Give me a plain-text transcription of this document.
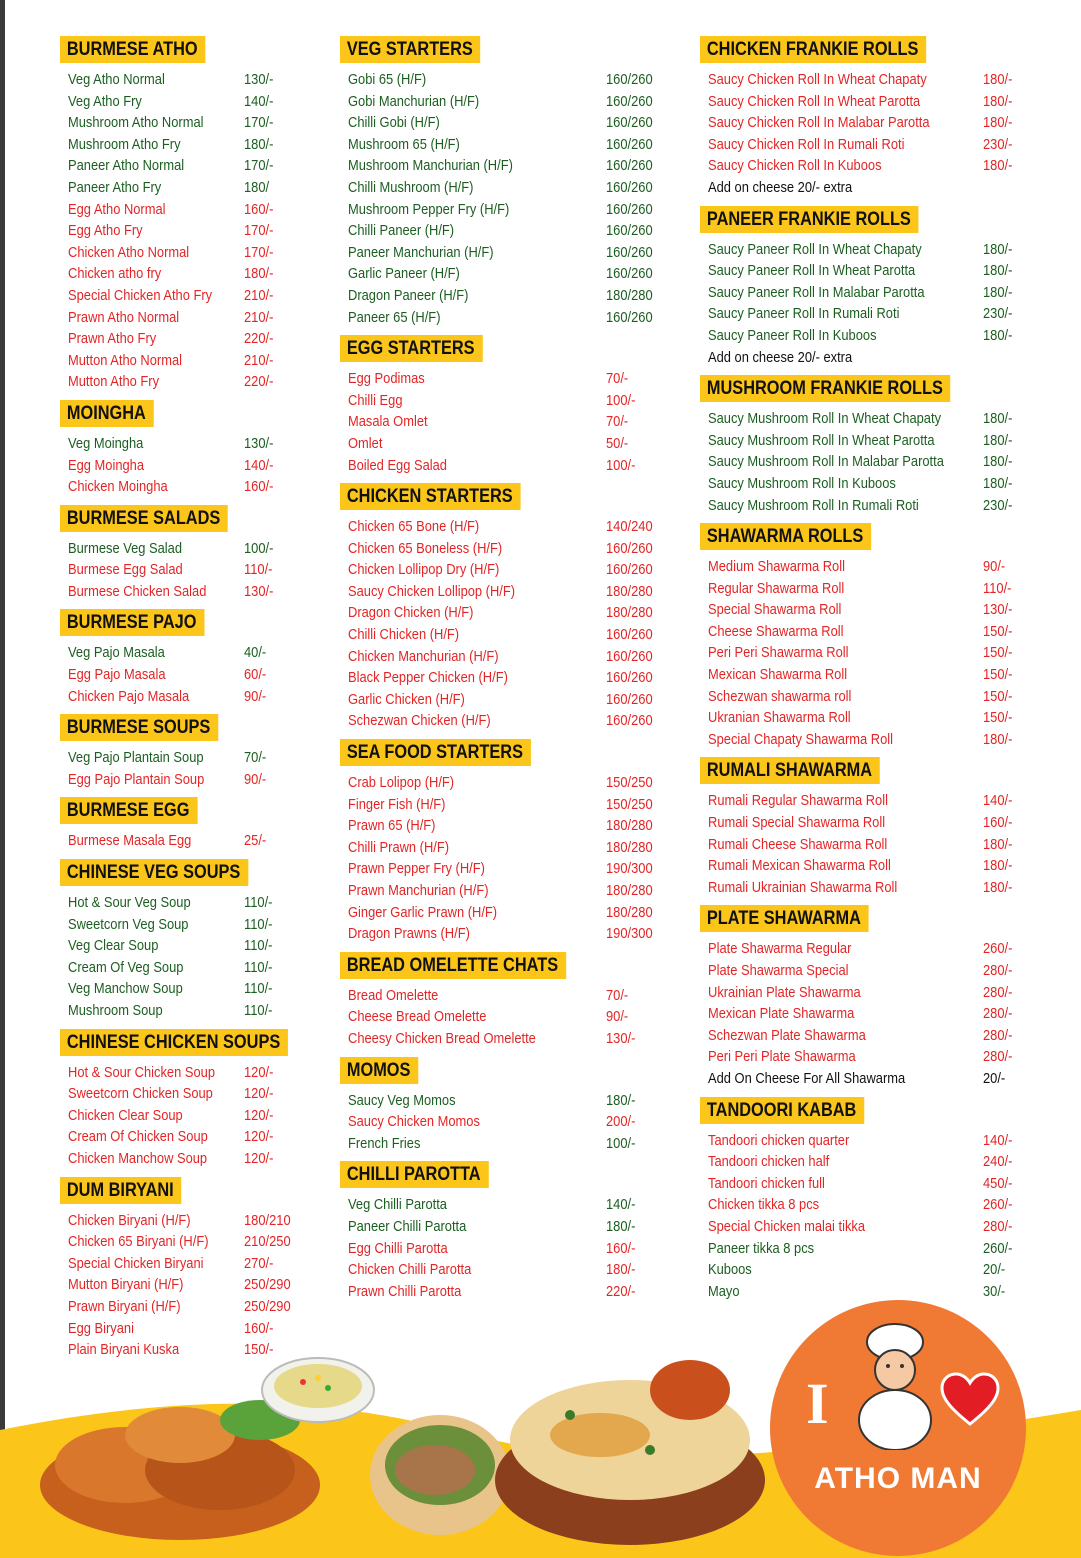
BURMESE ATHO
Veg Atho Normal	130/-
Veg Atho Fry	140/-
Mushroom Atho Normal	170/-
Mushroom Atho Fry	180/-
Paneer Atho Normal	170/-
Paneer Atho Fry	180/
Egg Atho Normal	160/-
Egg Atho Fry	170/-
Chicken Atho Normal	170/-
Chicken atho fry	180/-
Special Chicken Atho Fry 210/-
Prawn Atho Normal	210/-
Prawn Atho Fry	220/-
Mutton Atho Normal	210/-
Mutton Atho Fry	220/-
MOINGHA
Veg Moingha	130/-
Egg Moingha	140/-
Chicken Moingha	160/-
BURMESE SALADS
Burmese Veg Salad	100/-
Burmese Egg Salad	110/-
Burmese Chicken Salad	130/-
BURMESE PAJO
Veg Pajo Masala	40/-
Egg Pajo Masala	60/-
Chicken Pajo Masala	90/-
BURMESE SOUPS
Veg Pajo Plantain Soup	70/-
Egg Pajo Plantain Soup	90/-
BURMESE EGG
Burmese Masala Egg	25/-
CHINESE VEG SOUPS
Hot & Sour Veg Soup	110/-
Sweetcorn Veg Soup	110/-
Veg Clear Soup	110/-
Cream Of Veg Soup	110/-
Veg Manchow Soup	110/-
Mushroom Soup	110/-
CHINESE CHICKEN SOUPS
Hot & Sour Chicken Soup 120/-
Sweetcorn Chicken Soup 120/-
Chicken Clear Soup	120/-
Cream Of Chicken Soup 120/-
Chicken Manchow Soup 120/-
DUM BIRYANI
Chicken Biryani (H/F)	180/210
Chicken 65 Biryani (H/F) 210/250
Special Chicken Biryani	270/-
Mutton Biryani (H/F)	250/290
Prawn Biryani (H/F)	250/290
Egg Biryani	160/-
Plain Biryani Kuska	150/-
VEG STARTERS
Gobi 65 (H/F)	160/260
Gobi Manchurian (H/F)	160/260
Chilli Gobi (H/F)	160/260
Mushroom 65 (H/F)	160/260
Mushroom Manchurian (H/F)	160/260
Chilli Mushroom (H/F)	160/260
Mushroom Pepper Fry (H/F)	160/260
Chilli Paneer (H/F)	160/260
Paneer Manchurian (H/F)	160/260
Garlic Paneer (H/F)	160/260
Dragon Paneer (H/F)	180/280
Paneer 65 (H/F)	160/260
EGG STARTERS
Egg Podimas	70/-
Chilli Egg	100/-
Masala Omlet	70/-
Omlet	50/-
Boiled Egg Salad	100/-
CHICKEN STARTERS
Chicken 65 Bone (H/F)	140/240
Chicken 65 Boneless (H/F)	160/260
Chicken Lollipop Dry (H/F)	160/260
Saucy Chicken Lollipop (H/F)	180/280
Dragon Chicken (H/F)	180/280
Chilli Chicken (H/F)	160/260
Chicken Manchurian (H/F)	160/260
Black Pepper Chicken (H/F)	160/260
Garlic Chicken (H/F)	160/260
Schezwan Chicken (H/F)	160/260
SEA FOOD STARTERS
Crab Lolipop (H/F)	150/250
Finger Fish (H/F)	150/250
Prawn 65 (H/F)	180/280
Chilli Prawn (H/F)	180/280
Prawn Pepper Fry (H/F)	190/300
Prawn Manchurian (H/F)	180/280
Ginger Garlic Prawn (H/F)	180/280
Dragon Prawns (H/F)	190/300
BREAD OMELETTE CHATS
Bread Omelette	70/-
Cheese Bread Omelette	90/-
Cheesy Chicken Bread Omelette	130/-
MOMOS
Saucy Veg Momos	180/-
Saucy Chicken Momos	200/-
French Fries	100/-
CHILLI PAROTTA
Veg Chilli Parotta	140/-
Paneer Chilli Parotta	180/-
Egg Chilli Parotta	160/-
Chicken Chilli Parotta	180/-
Prawn Chilli Parotta	220/-
CHICKEN FRANKIE ROLLS
Saucy Chicken Roll In Wheat Chapaty	180/-
Saucy Chicken Roll In Wheat Parotta	180/-
Saucy Chicken Roll In Malabar Parotta	180/-
Saucy Chicken Roll In Rumali Roti	230/-
Saucy Chicken Roll In Kuboos	180/-
Add on cheese 20/- extra
PANEER FRANKIE ROLLS
Saucy Paneer Roll In Wheat Chapaty	180/-
Saucy Paneer Roll In Wheat Parotta	180/-
Saucy Paneer Roll In Malabar Parotta	180/-
Saucy Paneer Roll In Rumali Roti	230/-
Saucy Paneer Roll In Kuboos	180/-
Add on cheese 20/- extra
MUSHROOM FRANKIE ROLLS
Saucy Mushroom Roll In Wheat Chapaty	180/-
Saucy Mushroom Roll In Wheat Parotta	180/-
Saucy Mushroom Roll In Malabar Parotta	180/-
Saucy Mushroom Roll In Kuboos	180/-
Saucy Mushroom Roll In Rumali Roti	230/-
SHAWARMA ROLLS
Medium Shawarma Roll	90/-
Regular Shawarma Roll	110/-
Special Shawarma Roll	130/-
Cheese Shawarma Roll	150/-
Peri Peri Shawarma Roll	150/-
Mexican Shawarma Roll	150/-
Schezwan shawarma roll	150/-
Ukranian Shawarma Roll	150/-
Special Chapaty Shawarma Roll	180/-
RUMALI SHAWARMA
Rumali Regular Shawarma Roll	140/-
Rumali Special Shawarma Roll	160/-
Rumali Cheese Shawarma Roll	180/-
Rumali Mexican Shawarma Roll	180/-
Rumali Ukrainian Shawarma Roll	180/-
PLATE SHAWARMA
Plate Shawarma Regular	260/-
Plate Shawarma Special	280/-
Ukrainian Plate Shawarma	280/-
Mexican Plate Shawarma	280/-
Schezwan Plate Shawarma	280/-
Peri Peri Plate Shawarma	280/-
Add On Cheese For All Shawarma	20/-
TANDOORI KABAB
Tandoori chicken quarter	140/-
Tandoori chicken half	240/-
Tandoori chicken full	450/-
Chicken tikka 8 pcs	260/-
Special Chicken malai tikka	280/-
Paneer tikka 8 pcs	260/-
Kuboos	20/-
Mayo	30/-
I
ATHO MAN
